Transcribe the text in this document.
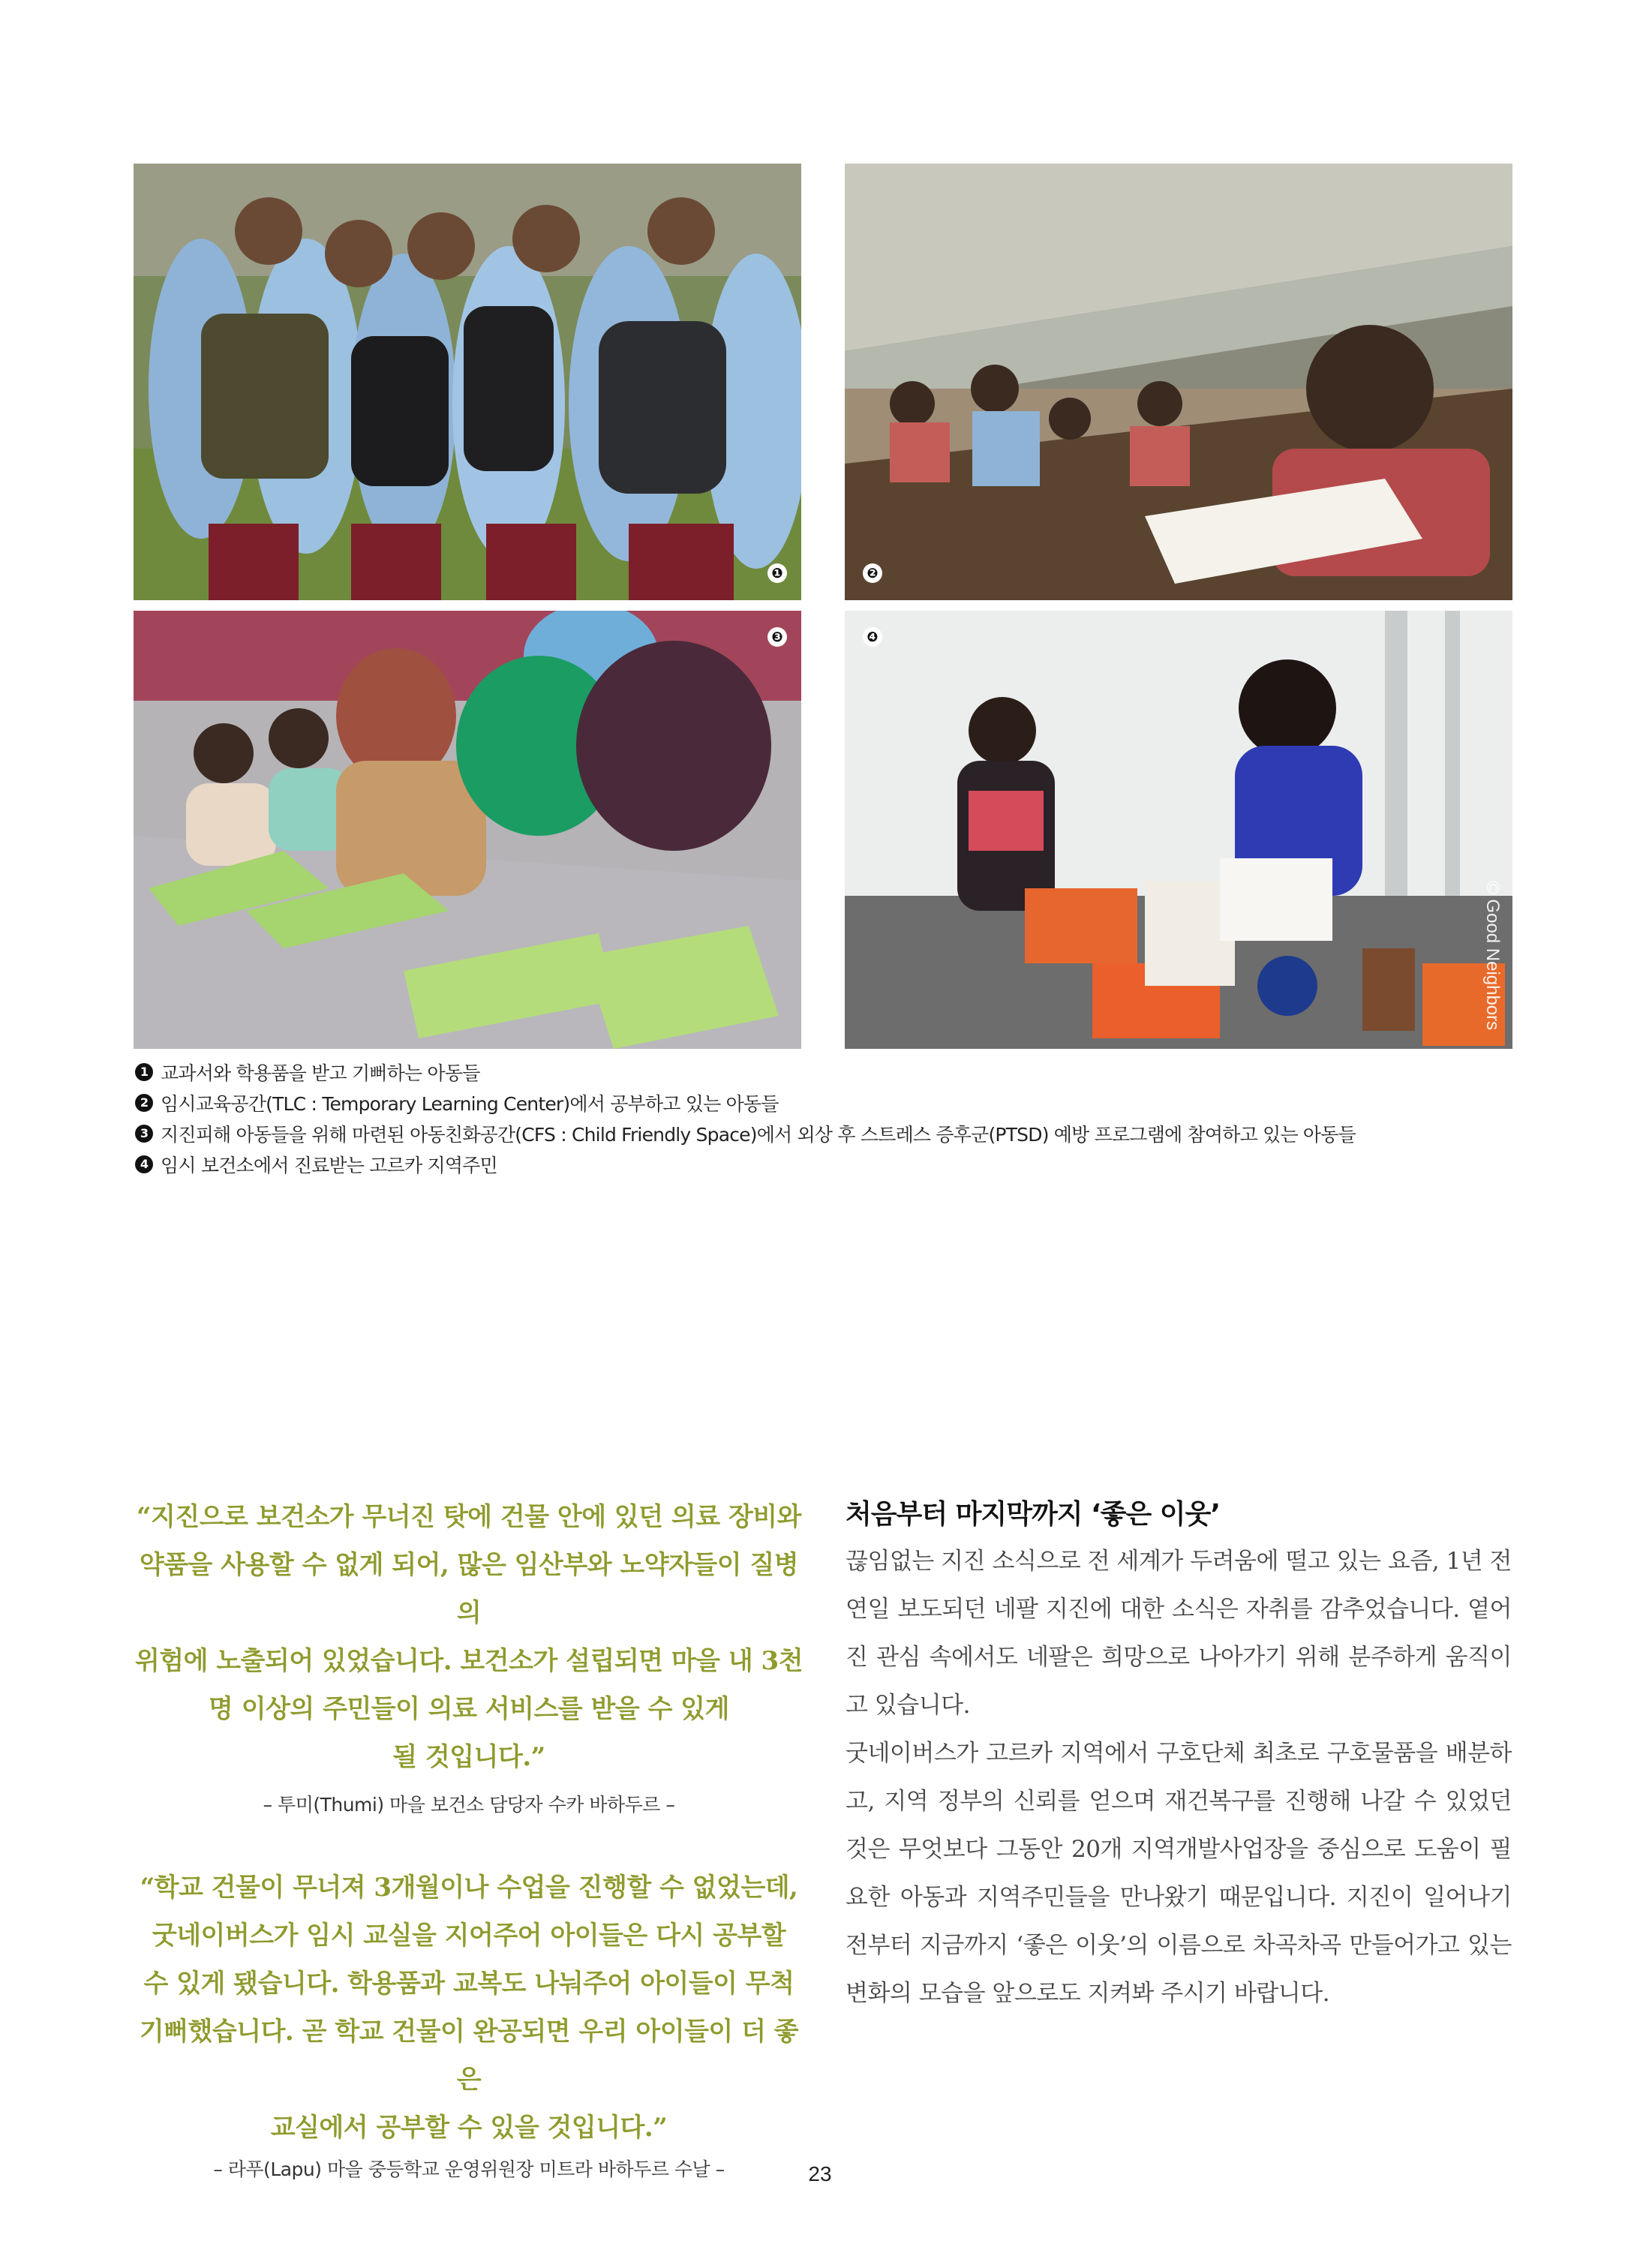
❶	❷
❸	❹
© Good Neighbors
1 교과서와 학용품을 받고 기뻐하는 아동들
2 임시교육공간(TLC : Temporary Learning Center)에서 공부하고 있는 아동들
3 지진피해 아동들을 위해 마련된 아동친화공간(CFS : Child Friendly Space)에서 외상 후 스트레스 증후군(PTSD) 예방 프로그램에 참여하고 있는 아동들
4 임시 보건소에서 진료받는 고르카 지역주민
“지진으로 보건소가 무너진 탓에 건물 안에 있던 의료 장비와
약품을 사용할 수 없게 되어, 많은 임산부와 노약자들이 질병의
위험에 노출되어 있었습니다. 보건소가 설립되면 마을 내 3천
명 이상의 주민들이 의료 서비스를 받을 수 있게
될 것입니다.”
– 투미(Thumi) 마을 보건소 담당자 수카 바하두르 –
“학교 건물이 무너져 3개월이나 수업을 진행할 수 없었는데,
굿네이버스가 임시 교실을 지어주어 아이들은 다시 공부할
수 있게 됐습니다. 학용품과 교복도 나눠주어 아이들이 무척
기뻐했습니다. 곧 학교 건물이 완공되면 우리 아이들이 더 좋은
교실에서 공부할 수 있을 것입니다.”
– 라푸(Lapu) 마을 중등학교 운영위원장 미트라 바하두르 수날 –
처음부터 마지막까지 ‘좋은 이웃’
끊임없는 지진 소식으로 전 세계가 두려움에 떨고 있는 요즘, 1년 전 연일 보도되던 네팔 지진에 대한 소식은 자취를 감추었습니다. 옅어진 관심 속에서도 네팔은 희망으로 나아가기 위해 분주하게 움직이고 있습니다.
굿네이버스가 고르카 지역에서 구호단체 최초로 구호물품을 배분하고, 지역 정부의 신뢰를 얻으며 재건복구를 진행해 나갈 수 있었던 것은 무엇보다 그동안 20개 지역개발사업장을 중심으로 도움이 필요한 아동과 지역주민들을 만나왔기 때문입니다. 지진이 일어나기 전부터 지금까지 ‘좋은 이웃’의 이름으로 차곡차곡 만들어가고 있는 변화의 모습을 앞으로도 지켜봐 주시기 바랍니다.
23
